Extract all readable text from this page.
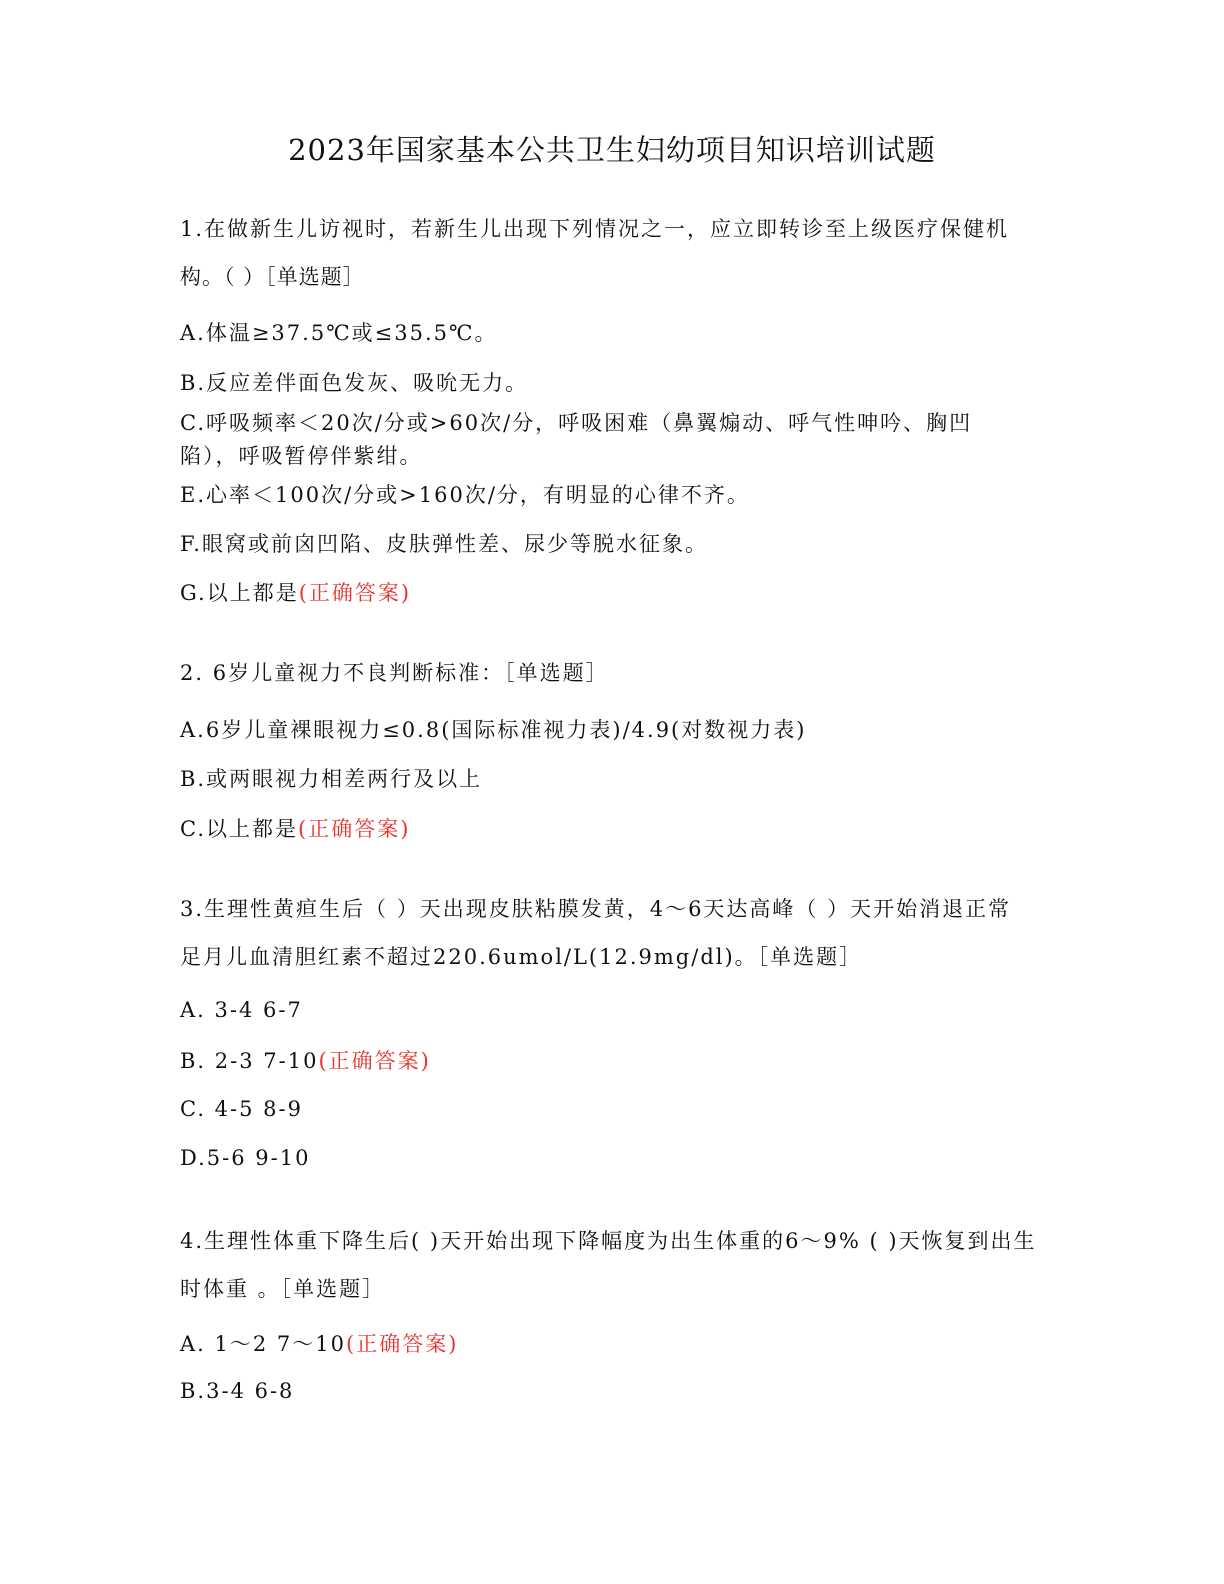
2023年国家基本公共卫生妇幼项目知识培训试题
1.在做新生儿访视时，若新生儿出现下列情况之一，应立即转诊至上级医疗保健机
构。（ ）［单选题］
A.体温≥37.5℃或≤35.5℃。
B.反应差伴面色发灰、吸吮无力。
C.呼吸频率＜20次/分或>60次/分，呼吸困难（鼻翼煽动、呼气性呻吟、胸凹
陷），呼吸暂停伴紫绀。
E.心率＜100次/分或>160次/分，有明显的心律不齐。
F.眼窝或前囟凹陷、皮肤弹性差、尿少等脱水征象。
G.以上都是(正确答案)
2. 6岁儿童视力不良判断标准：［单选题］
A.6岁儿童裸眼视力≤0.8(国际标准视力表)/4.9(对数视力表)
B.或两眼视力相差两行及以上
C.以上都是(正确答案)
3.生理性黄疸生后（ ）天出现皮肤粘膜发黄，4～6天达高峰（ ）天开始消退正常
足月儿血清胆红素不超过220.6umol/L(12.9mg/dl)。［单选题］
A. 3-4 6-7
B. 2-3 7-10(正确答案)
C. 4-5 8-9
D.5-6 9-10
4.生理性体重下降生后( )天开始出现下降幅度为出生体重的6～9% ( )天恢复到出生
时体重 。［单选题］
A. 1～2 7～10(正确答案)
B.3-4 6-8
